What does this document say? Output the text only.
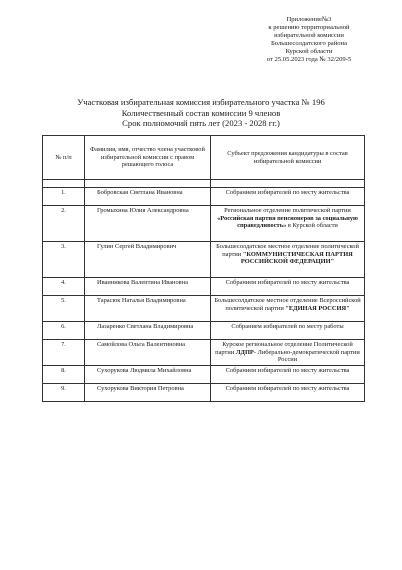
Приложение№3
к решению территориальной
избирательной комиссии
Большесолдатского района
Курской области
от 25.05.2023 года № 32/209-5
Участковая избирательная комиссия избирательного участка № 196
Количественный состав комиссии 9 членов
Срок полномочий пять лет (2023 - 2028 гг.)
№ п/п	Фамилия, имя, отчество члена участковой избирательной комиссии с правом решающего голоса	Субъект предложения кандидатуры в состав избирательной комиссии

1.	Бобровская Светлана Ивановна	Собранием избирателей по месту жительства
2.	Громыхина Юлия Александровна	Региональное отделение политической партии «Российская партия пенсионеров за социальную справедливость» в Курской области
3.	Гулин Сергей Владимирович	Большесолдатское местное отделение политической партии "КОММУНИСТИЧЕСКАЯ ПАРТИЯ РОССИЙСКОЙ ФЕДЕРАЦИИ"
4.	Иванникова Валентина Ивановна	Собранием избирателей по месту жительства
5.	Тарасюк Наталья Владимировна	Большесолдатское местное отделение Всероссийской политической партии "ЕДИНАЯ РОССИЯ"
6.	Лазаренко Светлана Владимировна	Собранием избирателей по месту работы
7.	Самойлова Ольга Валентиновна	Курское региональное отделение Политической партии ЛДПР- Либерально-демократической партии России
8.	Сухорукова Людмила Михайловна	Собранием избирателей по месту жительства
9.	Сухорукова Виктория Петровна	Собранием избирателей по месту жительства
